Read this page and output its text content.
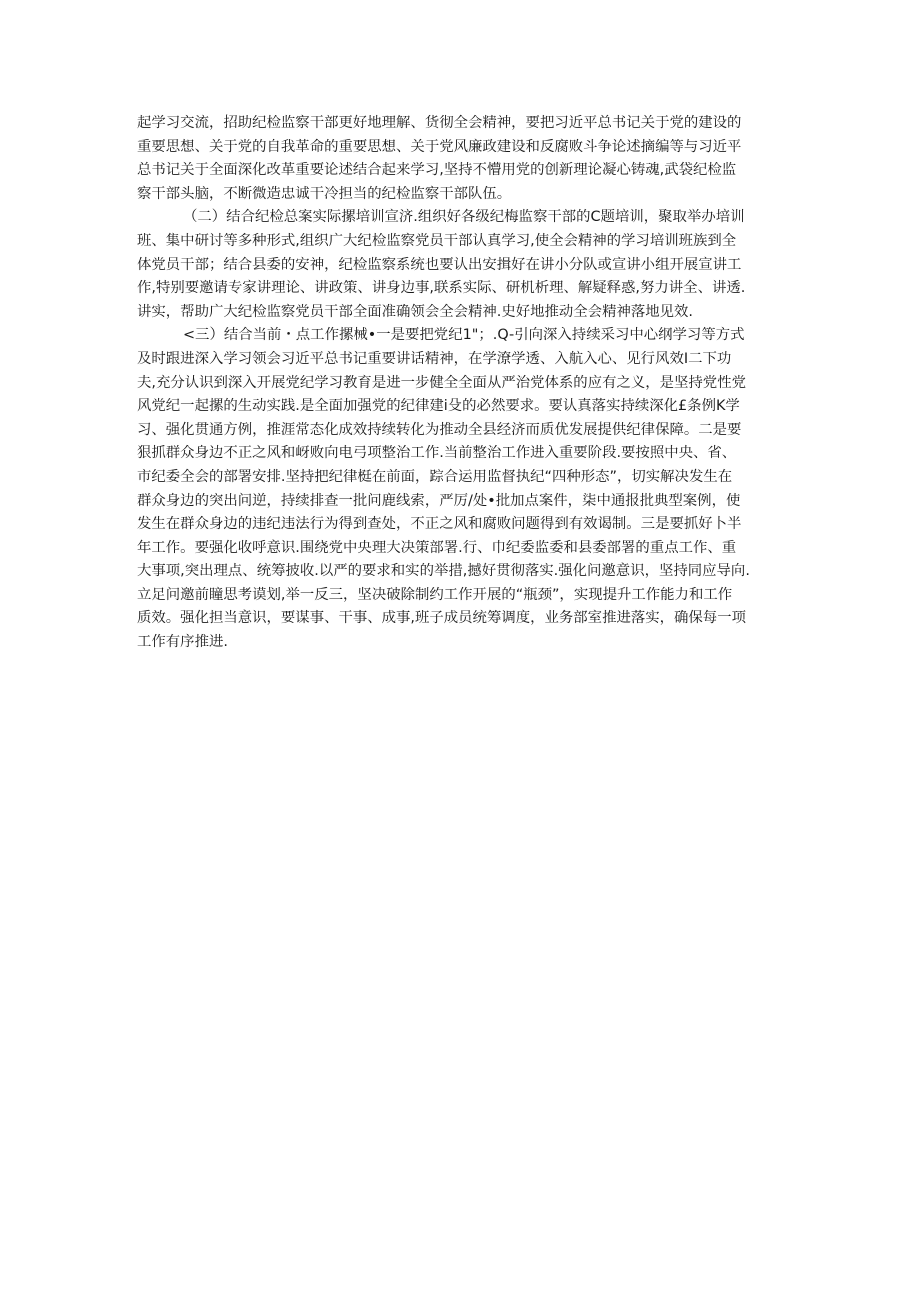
起学习交流，招助纪检监察干部更好地理解、货彻全会精神，要把习近平总书记关于党的建设的
重要思想、关于党的自我革命的重要思想、关于党风廉政建设和反腐败斗争论述摘编等与习近平
总书记关于全面深化改革重要论述结合起来学习,坚持不懵用党的创新理论凝心铸魂,武袋纪检监
察干部头脑，不断微造忠诚干冷担当的纪检监察干部队伍。
（二）结合纪检总案实际摞培训宣济.组织好各级纪梅监察干部的C题培训，聚取举办培训
班、集中研讨等多种形式,组织广大纪检监察党员干部认真学习,使全会精神的学习培训班族到全
体党员干部；结合县委的安神，纪检监察系统也要认出安揖好在讲小分队或宣讲小组开展宣讲工
作,特别要邀请专家讲理论、讲政策、讲身边事,联系实际、研机析理、解疑释惑,努力讲全、讲透.
讲实，帮助广大纪检监察党员干部全面准确领会全会精神.史好地推动全会精神落地见效.
<三）结合当前・点工作摞械•一是要把党纪1"；.Q-引向深入持续采习中心纲学习等方式
及时跟进深入学习领会习近平总书记重要讲话精神，在学潦学透、入航入心、见行风效I二下功
夫,充分认识到深入开展党纪学习教育是进一步健全全面从严治党体系的应有之义，是坚持党性党
风党纪一起摞的生动实践.是全面加强党的纪律建i殳的必然要求。要认真落实持续深化£条例K学
习、强化贯通方例，推涯常态化成效持续转化为推动全县经济而质优发展提供纪律保障。二是要
狠抓群众身边不正之风和岈败向电弓项整治工作.当前整治工作进入重要阶段.要按照中央、省、
市纪委全会的部署安排.坚持把纪律梃在前面，踪合运用监督执纪“四种形态”，切实解决发生在
群众身边的突出问逆，持续排查一批问鹿线索，严厉/处•批加点案件，柒中通报批典型案例，使
发生在群众身边的违纪违法行为得到查处，不正之风和腐败问题得到有效谒制。三是要抓好卜半
年工作。要强化收呼意识.围绕党中央理大决策部署.行、巾纪委监委和县委部署的重点工作、重
大事项,突出理点、统筹披收.以严的要求和实的举措,撼好贯彻落实.强化问邀意识，坚持同应导向.
立足问邀前瞳思考谟划,举一反三，坚决破除制约工作开展的“瓶颈”，实现提升工作能力和工作
质效。强化担当意识，要谋事、干事、成事,班子成员统筹调度，业务部室推进落实，确保每一项
工作有序推进.
